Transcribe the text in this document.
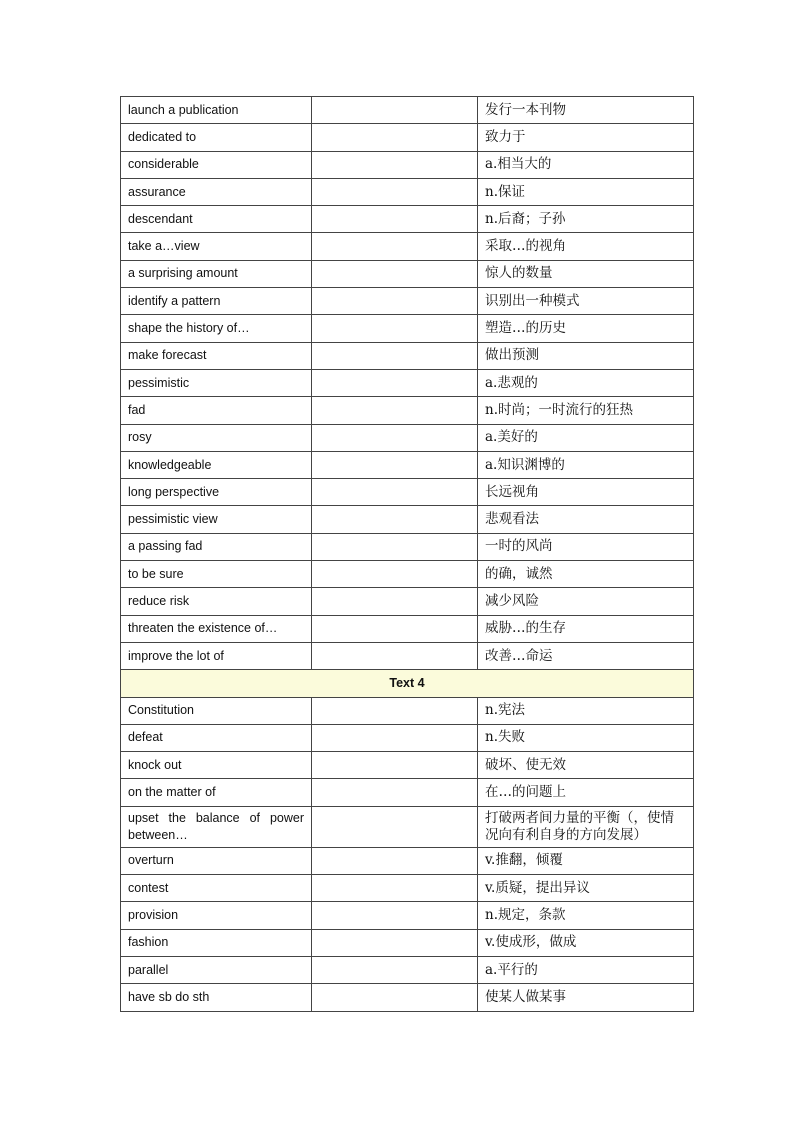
launch a publication		发行一本刊物
dedicated to		致力于
considerable		a.相当大的
assurance		n.保证
descendant		n.后裔；子孙
take a…view		采取…的视角
a surprising amount		惊人的数量
identify a pattern		识别出一种模式
shape the history of…		塑造…的历史
make forecast		做出预测
pessimistic		a.悲观的
fad		n.时尚；一时流行的狂热
rosy		a.美好的
knowledgeable		a.知识渊博的
long perspective		长远视角
pessimistic view		悲观看法
a passing fad		一时的风尚
to be sure		的确，诚然
reduce risk		减少风险
threaten the existence of…		威胁…的生存
improve the lot of		改善…命运
Text 4		
Constitution		n.宪法
defeat		n.失败
knock out		破坏、使无效
on the matter of		在…的问题上
upset the balance of power between…		打破两者间力量的平衡（，使情况向有利自身的方向发展）
overturn		v.推翻，倾覆
contest		v.质疑，提出异议
provision		n.规定，条款
fashion		v.使成形，做成
parallel		a.平行的
have sb do sth		使某人做某事
